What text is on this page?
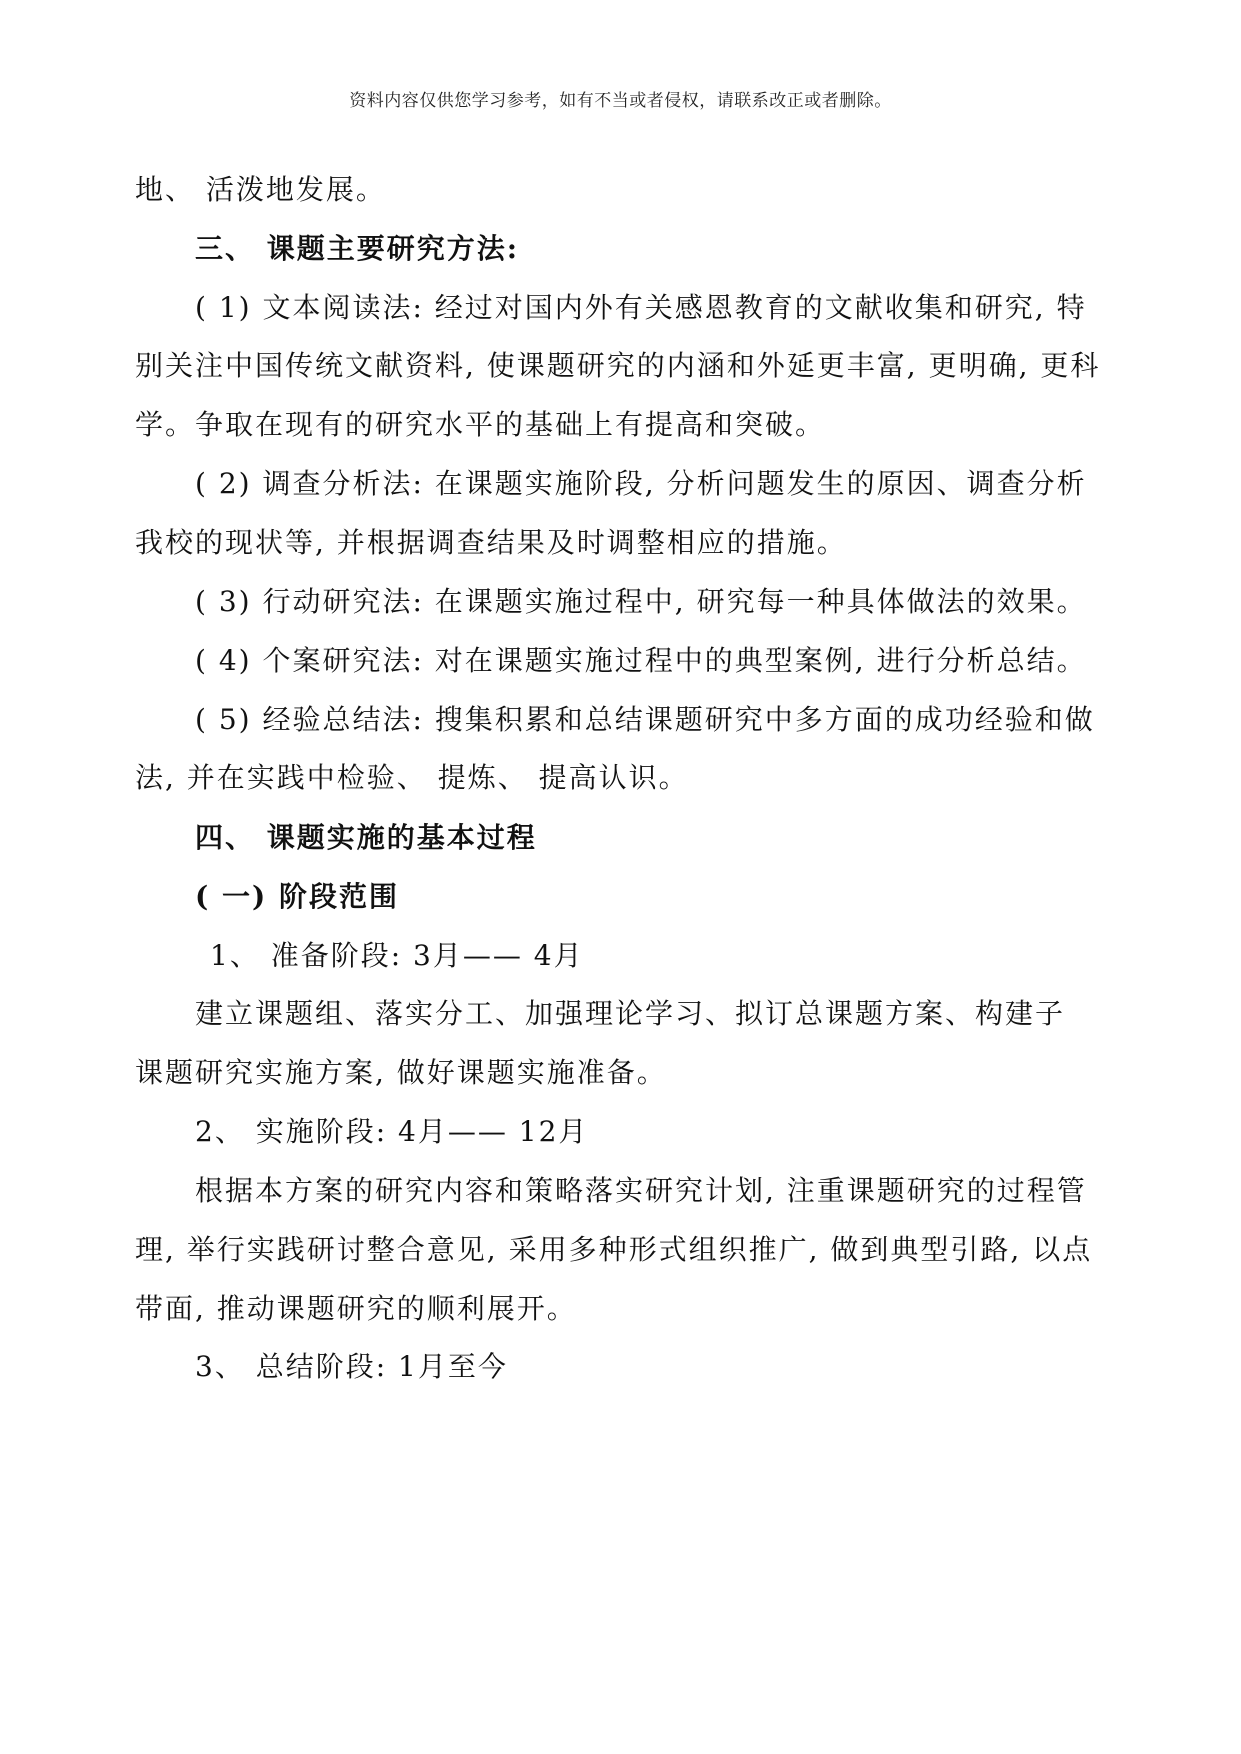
资料内容仅供您学习参考，如有不当或者侵权，请联系改正或者删除。
地、 活泼地发展。
三、 课题主要研究方法:
( 1) 文本阅读法: 经过对国内外有关感恩教育的文献收集和研究, 特
别关注中国传统文献资料, 使课题研究的内涵和外延更丰富, 更明确, 更科
学。争取在现有的研究水平的基础上有提高和突破。
( 2) 调查分析法: 在课题实施阶段, 分析问题发生的原因、调查分析
我校的现状等, 并根据调查结果及时调整相应的措施。
( 3) 行动研究法: 在课题实施过程中, 研究每一种具体做法的效果。
( 4) 个案研究法: 对在课题实施过程中的典型案例, 进行分析总结。
( 5) 经验总结法: 搜集积累和总结课题研究中多方面的成功经验和做
法, 并在实践中检验、 提炼、 提高认识。
四、 课题实施的基本过程
( 一) 阶段范围
1、 准备阶段: 3月—— 4月
建立课题组、落实分工、加强理论学习、拟订总课题方案、构建子
课题研究实施方案, 做好课题实施准备。
2、 实施阶段: 4月—— 12月
根据本方案的研究内容和策略落实研究计划, 注重课题研究的过程管
理, 举行实践研讨整合意见, 采用多种形式组织推广, 做到典型引路, 以点
带面, 推动课题研究的顺利展开。
3、 总结阶段: 1月至今
